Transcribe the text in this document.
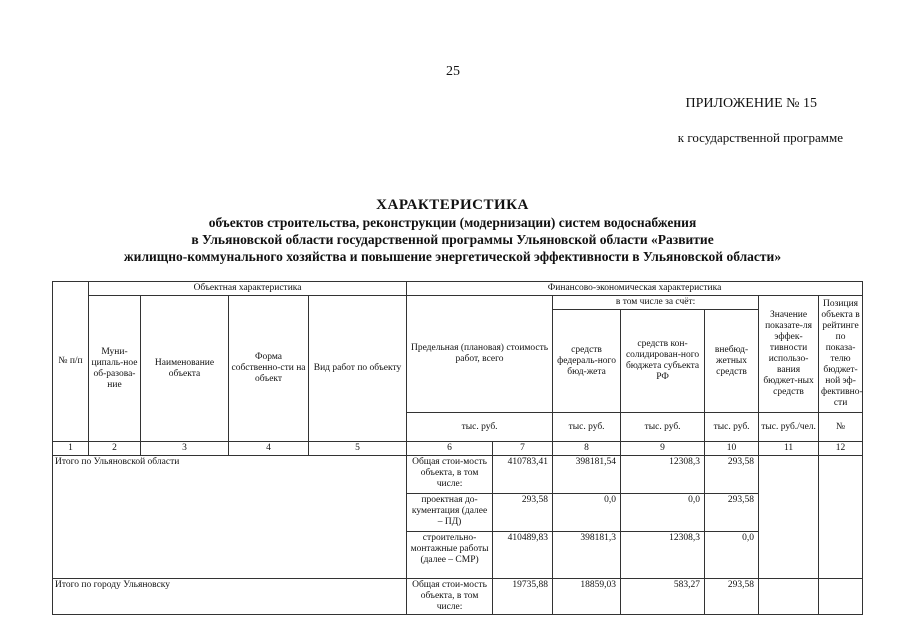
25
ПРИЛОЖЕНИЕ № 15
к государственной программе
ХАРАКТЕРИСТИКА
объектов строительства, реконструкции (модернизации) систем водоснабжения
в Ульяновской области государственной программы Ульяновской области «Развитие
жилищно-коммунального хозяйства и повышение энергетической эффективности в Ульяновской области»
№ п/п	Объектная характеристика				Финансово-экономическая характеристика						
	Муни-ципаль-ное об-разова-ние	Наименование объекта	Форма собственно-сти на объект	Вид работ по объекту	Предельная (плановая) стоимость работ, всего		в том числе за счёт:			Значение показате-ля эффек-тивности использо-вания бюджет-ных средств	Позиция объекта в рейтинге по показа-телю бюджет-ной эф-фективно-сти
							средств федераль-ного бюд-жета	средств кон-солидирован-ного бюджета субъекта РФ	внебюд-жетных средств		
					тыс. руб.		тыс. руб.	тыс. руб.	тыс. руб.	тыс. руб./чел.	№
1	2	3	4	5	6	7	8	9	10	11	12
Итого по Ульяновской области					Общая стои-мость объекта, в том числе:	410783,41	398181,54	12308,3	293,58		
					проектная до-кументация (далее – ПД)	293,58	0,0	0,0	293,58		
					строительно-монтажные работы (далее – СМР)	410489,83	398181,3	12308,3	0,0		
Итого по городу Ульяновску					Общая стои-мость объекта, в том числе:	19735,88	18859,03	583,27	293,58		
